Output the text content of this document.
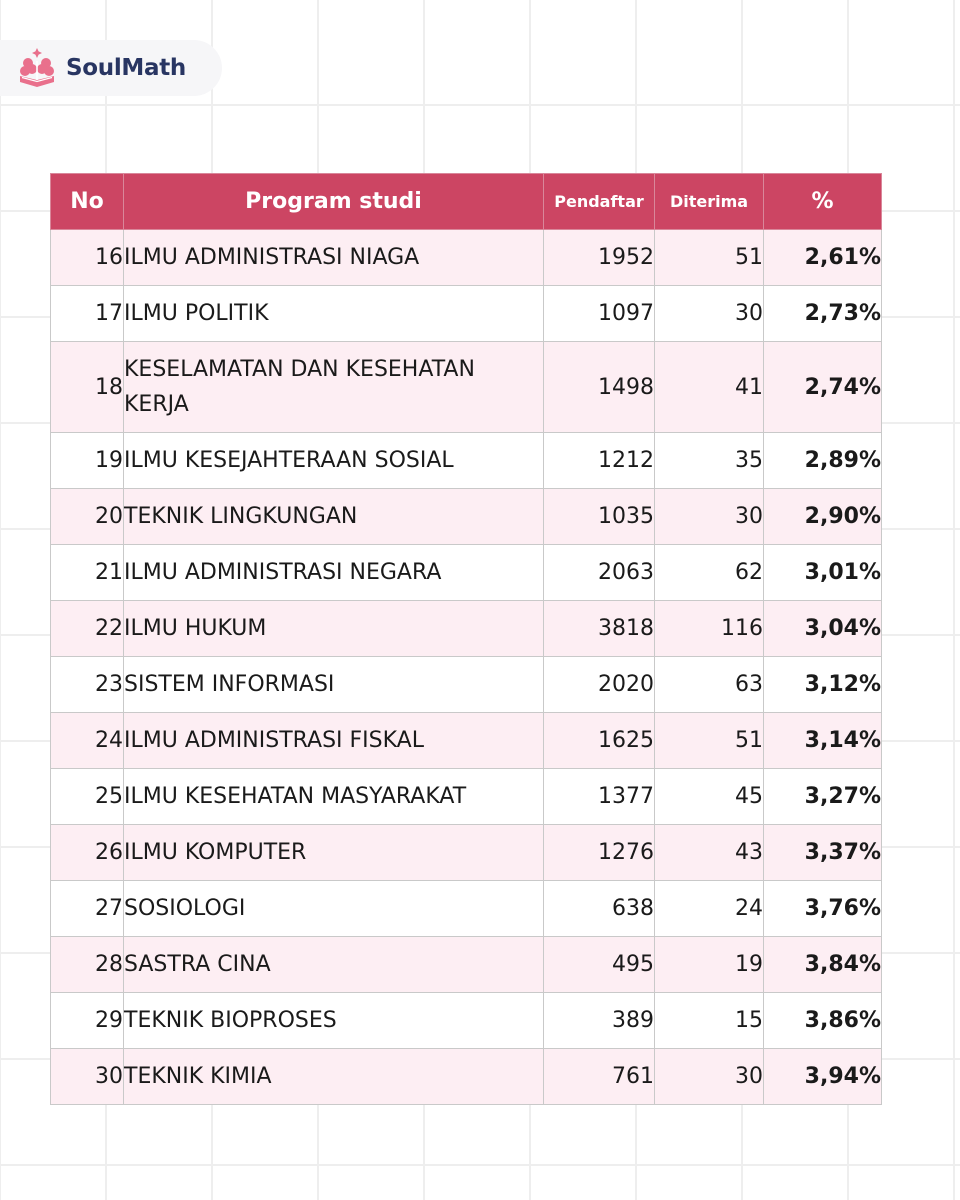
SoulMath
No	Program studi	Pendaftar	Diterima	%
16	ILMU ADMINISTRASI NIAGA	1952	51	2,61%
17	ILMU POLITIK	1097	30	2,73%
18	KESELAMATAN DAN KESEHATAN KERJA	1498	41	2,74%
19	ILMU KESEJAHTERAAN SOSIAL	1212	35	2,89%
20	TEKNIK LINGKUNGAN	1035	30	2,90%
21	ILMU ADMINISTRASI NEGARA	2063	62	3,01%
22	ILMU HUKUM	3818	116	3,04%
23	SISTEM INFORMASI	2020	63	3,12%
24	ILMU ADMINISTRASI FISKAL	1625	51	3,14%
25	ILMU KESEHATAN MASYARAKAT	1377	45	3,27%
26	ILMU KOMPUTER	1276	43	3,37%
27	SOSIOLOGI	638	24	3,76%
28	SASTRA CINA	495	19	3,84%
29	TEKNIK BIOPROSES	389	15	3,86%
30	TEKNIK KIMIA	761	30	3,94%
